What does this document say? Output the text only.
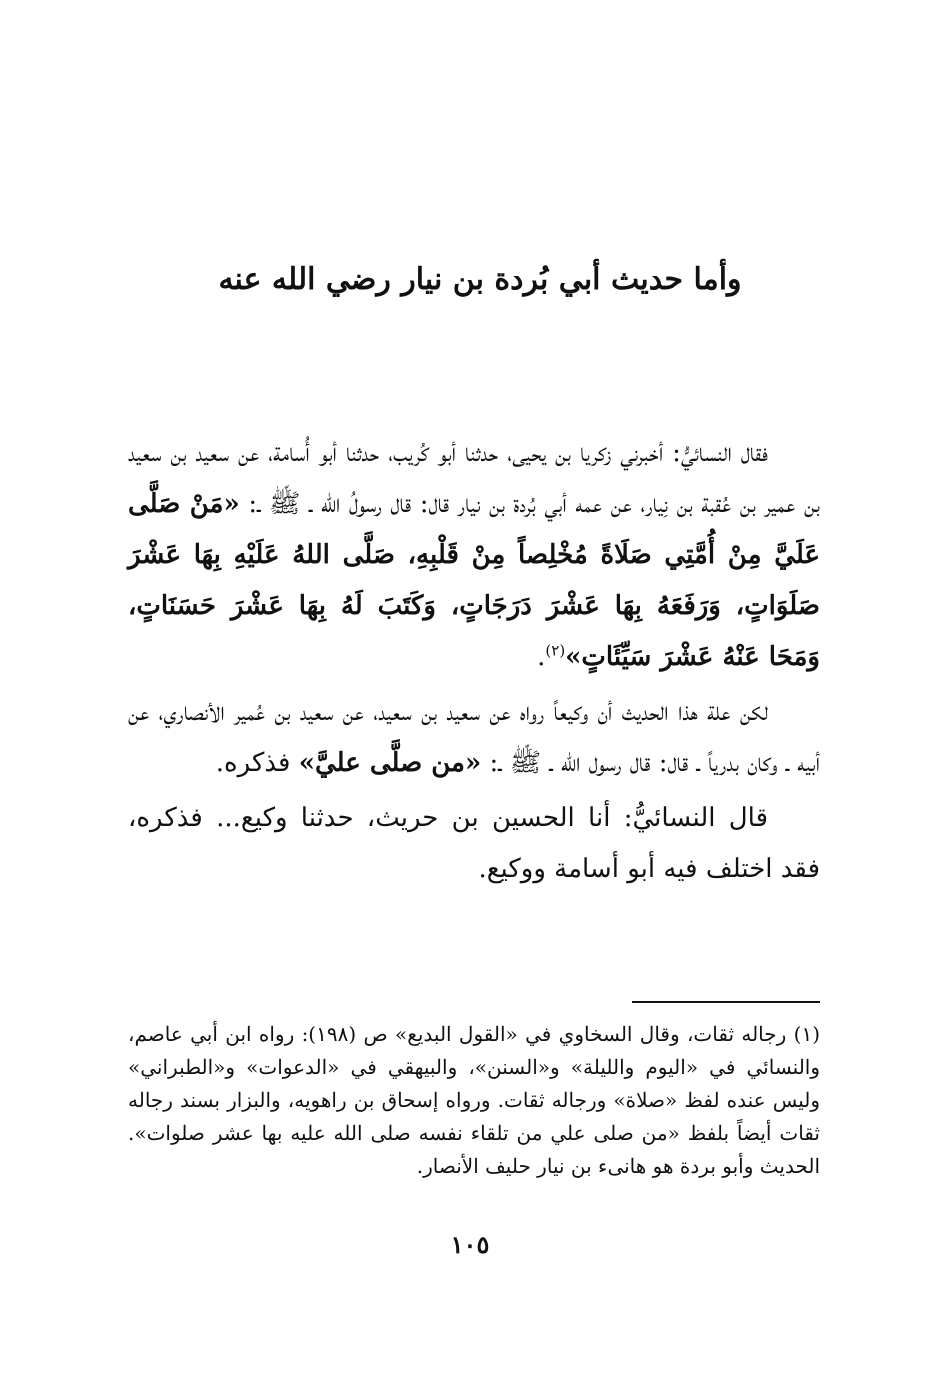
وأما حديث أبي بُردة بن نيار رضي الله عنه

فقال النسائيُّ: أخبرني زكريا بن يحيى، حدثنا أبو كُريب، حدثنا أبو أُسامة، عن سعيد بن سعيد بن عمير بن عُقبة بن نِيار، عن عمه أبي بُردة بن نيار قال: قال رسولُ الله ـ ﷺ ـ: «مَنْ صَلَّى عَلَيَّ مِنْ أُمَّتِي صَلَاةً مُخْلِصاً مِنْ قَلْبِهِ، صَلَّى اللهُ عَلَيْهِ بِهَا عَشْرَ صَلَوَاتٍ، وَرَفَعَهُ بِهَا عَشْرَ دَرَجَاتٍ، وَكَتَبَ لَهُ بِهَا عَشْرَ حَسَنَاتٍ، وَمَحَا عَنْهُ عَشْرَ سَيِّئَاتٍ»$^{(٢)}$.

لكن علة هذا الحديث أن وكيعاً رواه عن سعيد بن سعيد، عن سعيد بن عُمير الأنصاري، عن أبيه ـ وكان بدرياً ـ قال: قال رسول الله ـ ﷺ ـ: «من صلَّى عليَّ» فذكره.

قال النسائيُّ: أنا الحسين بن حريث، حدثنا وكيع... فذكره، فقد اختلف فيه أبو أسامة ووكيع.

(١) رجاله ثقات، وقال السخاوي في «القول البديع» ص (١٩٨): رواه ابن أبي عاصم، والنسائي في «اليوم والليلة» و«السنن»، والبيهقي في «الدعوات» و«الطبراني» وليس عنده لفظ «صلاة» ورجاله ثقات. ورواه إسحاق بن راهويه، والبزار بسند رجاله ثقات أيضاً بلفظ «من صلى علي من تلقاء نفسه صلى الله عليه بها عشر صلوات». الحديث وأبو بردة هو هانىء بن نيار حليف الأنصار.
١٠٥
